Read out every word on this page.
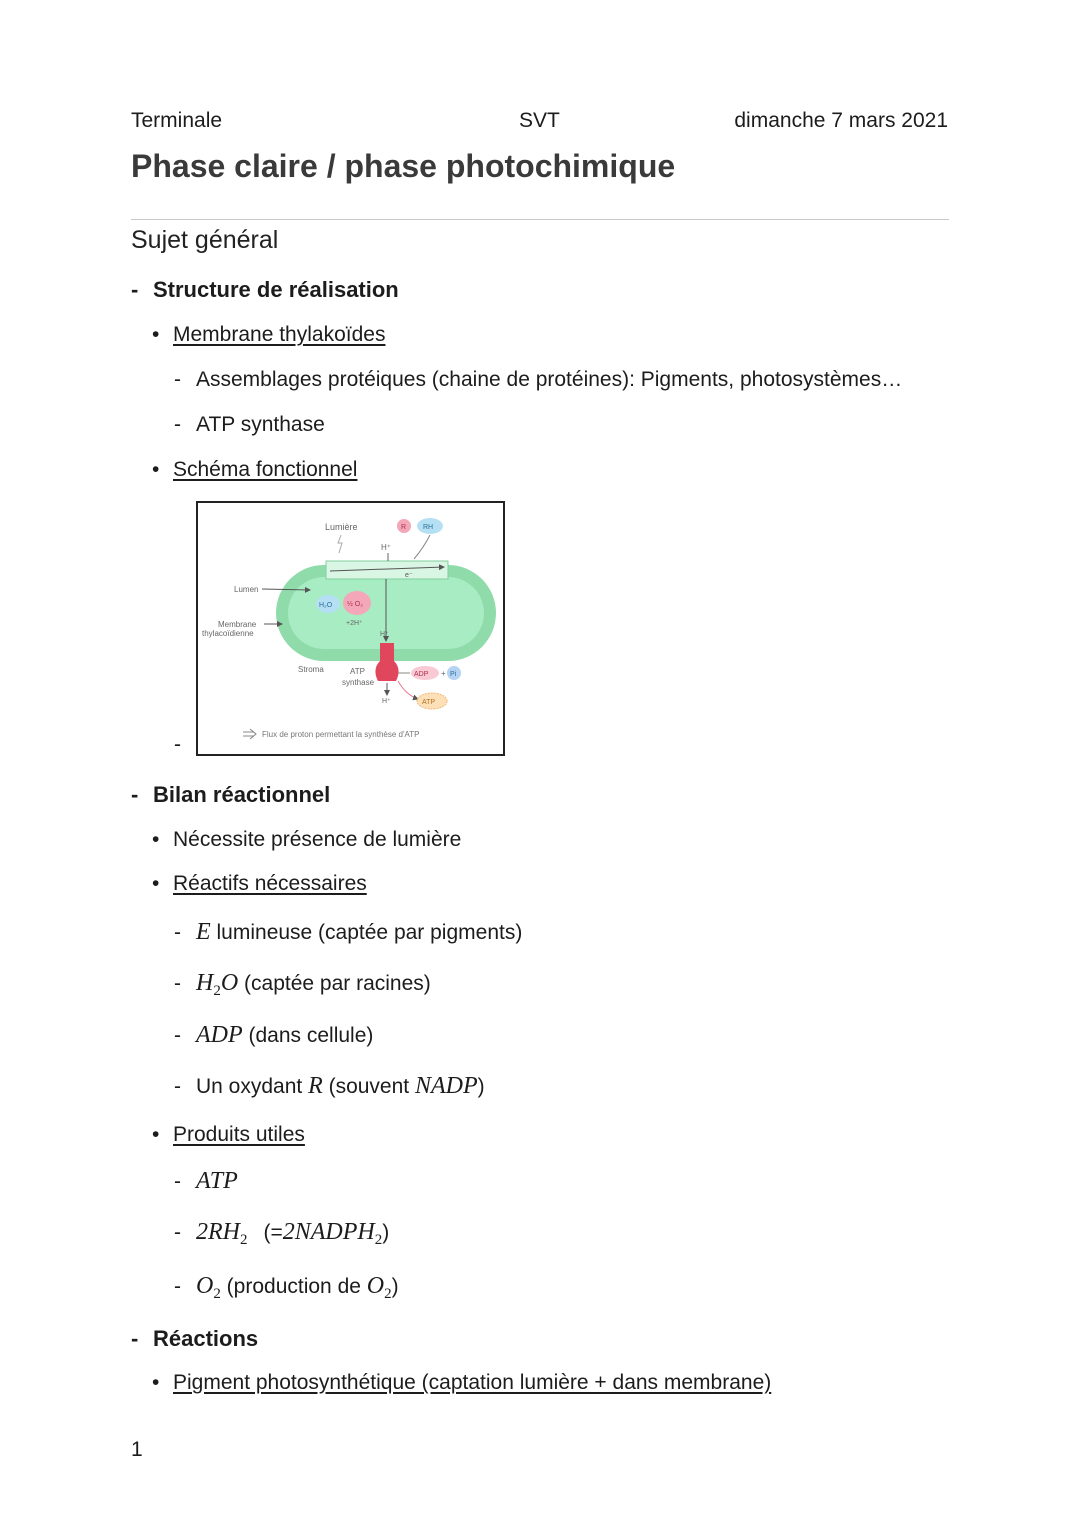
Terminale	SVT	dimanche 7 mars 2021
Phase claire / phase photochimique
Sujet général
- Structure de réalisation
• Membrane thylakoïdes
- Assemblages protéiques (chaine de protéines): Pigments, photosystèmes…
- ATP synthase
• Schéma fonctionnel
-
e⁻
Lumière	R RH
H⁺
Lumen
Membrane
thylacoïdienne
H₂O ½ O₂
+2H⁺
H⁺
Stroma	ATP
synthase
H⁺
ADP + Pi
ATP
Flux de proton permettant la synthèse d'ATP
- Bilan réactionnel
• Nécessite présence de lumière
• Réactifs nécessaires
- E lumineuse (captée par pigments)
- $H_2O$ (captée par racines)
- ADP (dans cellule)
- Un oxydant R (souvent NADP)
• Produits utiles
- ATP
- $2RH_2$ $(=2NADPH_2)$
- $O_2$ (production de $O_2$)
- Réactions
• Pigment photosynthétique (captation lumière + dans membrane)
1
